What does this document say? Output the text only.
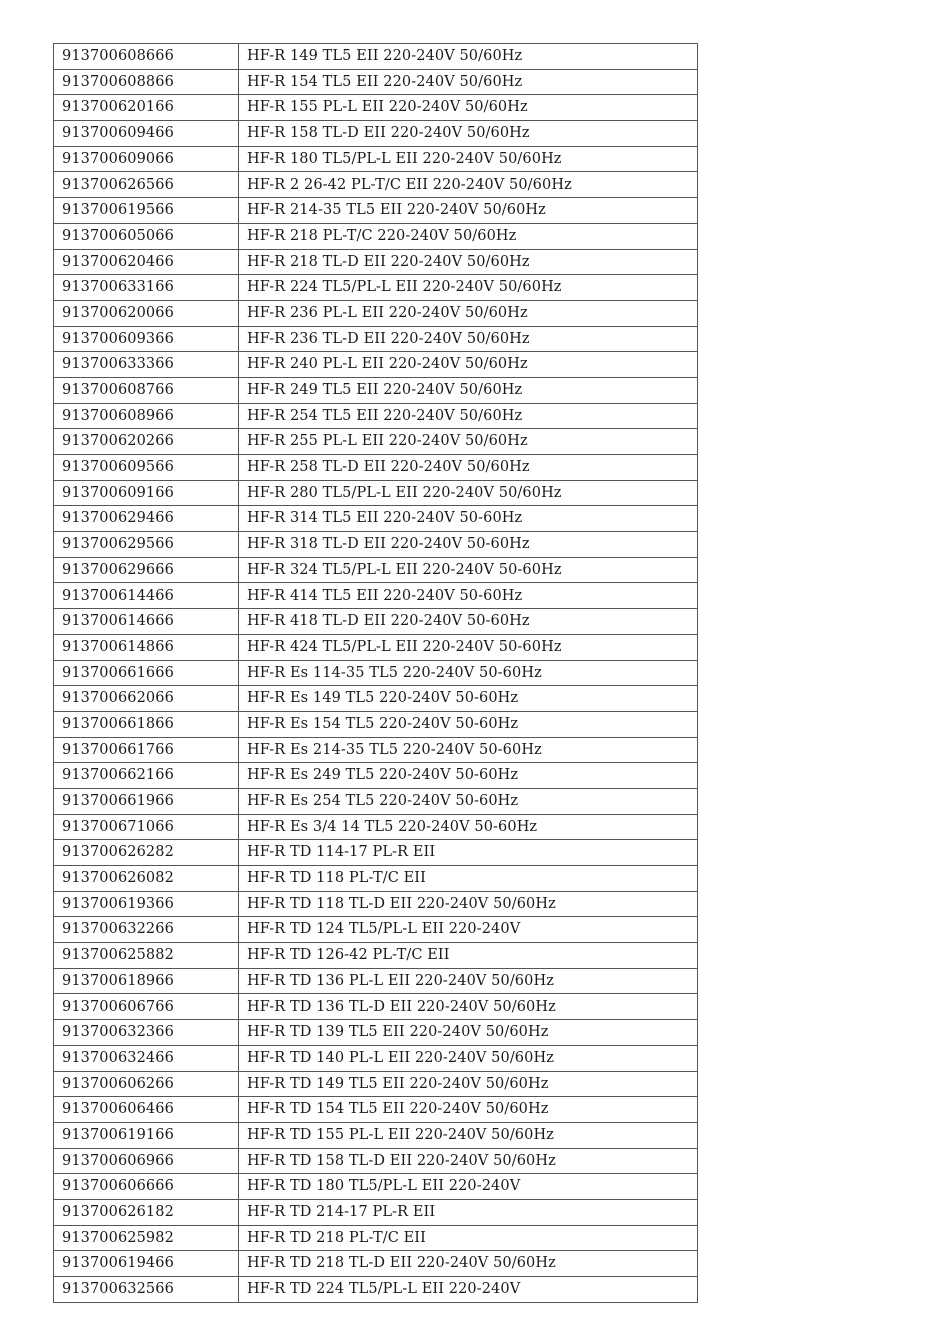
913700608666	HF-R 149 TL5 EII 220-240V 50/60Hz
913700608866	HF-R 154 TL5 EII 220-240V 50/60Hz
913700620166	HF-R 155 PL-L EII 220-240V 50/60Hz
913700609466	HF-R 158 TL-D EII 220-240V 50/60Hz
913700609066	HF-R 180 TL5/PL-L EII 220-240V 50/60Hz
913700626566	HF-R 2 26-42 PL-T/C EII 220-240V 50/60Hz
913700619566	HF-R 214-35 TL5 EII 220-240V 50/60Hz
913700605066	HF-R 218 PL-T/C 220-240V 50/60Hz
913700620466	HF-R 218 TL-D EII 220-240V 50/60Hz
913700633166	HF-R 224 TL5/PL-L EII 220-240V 50/60Hz
913700620066	HF-R 236 PL-L EII 220-240V 50/60Hz
913700609366	HF-R 236 TL-D EII 220-240V 50/60Hz
913700633366	HF-R 240 PL-L EII 220-240V 50/60Hz
913700608766	HF-R 249 TL5 EII 220-240V 50/60Hz
913700608966	HF-R 254 TL5 EII 220-240V 50/60Hz
913700620266	HF-R 255 PL-L EII 220-240V 50/60Hz
913700609566	HF-R 258 TL-D EII 220-240V 50/60Hz
913700609166	HF-R 280 TL5/PL-L EII 220-240V 50/60Hz
913700629466	HF-R 314 TL5 EII 220-240V 50-60Hz
913700629566	HF-R 318 TL-D EII 220-240V 50-60Hz
913700629666	HF-R 324 TL5/PL-L EII 220-240V 50-60Hz
913700614466	HF-R 414 TL5 EII 220-240V 50-60Hz
913700614666	HF-R 418 TL-D EII 220-240V 50-60Hz
913700614866	HF-R 424 TL5/PL-L EII 220-240V 50-60Hz
913700661666	HF-R Es 114-35 TL5 220-240V 50-60Hz
913700662066	HF-R Es 149 TL5 220-240V 50-60Hz
913700661866	HF-R Es 154 TL5 220-240V 50-60Hz
913700661766	HF-R Es 214-35 TL5 220-240V 50-60Hz
913700662166	HF-R Es 249 TL5 220-240V 50-60Hz
913700661966	HF-R Es 254 TL5 220-240V 50-60Hz
913700671066	HF-R Es 3/4 14 TL5 220-240V 50-60Hz
913700626282	HF-R TD 114-17 PL-R EII
913700626082	HF-R TD 118 PL-T/C EII
913700619366	HF-R TD 118 TL-D EII 220-240V 50/60Hz
913700632266	HF-R TD 124 TL5/PL-L EII 220-240V
913700625882	HF-R TD 126-42 PL-T/C EII
913700618966	HF-R TD 136 PL-L EII 220-240V 50/60Hz
913700606766	HF-R TD 136 TL-D EII 220-240V 50/60Hz
913700632366	HF-R TD 139 TL5 EII 220-240V 50/60Hz
913700632466	HF-R TD 140 PL-L EII 220-240V 50/60Hz
913700606266	HF-R TD 149 TL5 EII 220-240V 50/60Hz
913700606466	HF-R TD 154 TL5 EII 220-240V 50/60Hz
913700619166	HF-R TD 155 PL-L EII 220-240V 50/60Hz
913700606966	HF-R TD 158 TL-D EII 220-240V 50/60Hz
913700606666	HF-R TD 180 TL5/PL-L EII 220-240V
913700626182	HF-R TD 214-17 PL-R EII
913700625982	HF-R TD 218 PL-T/C EII
913700619466	HF-R TD 218 TL-D EII 220-240V 50/60Hz
913700632566	HF-R TD 224 TL5/PL-L EII 220-240V
